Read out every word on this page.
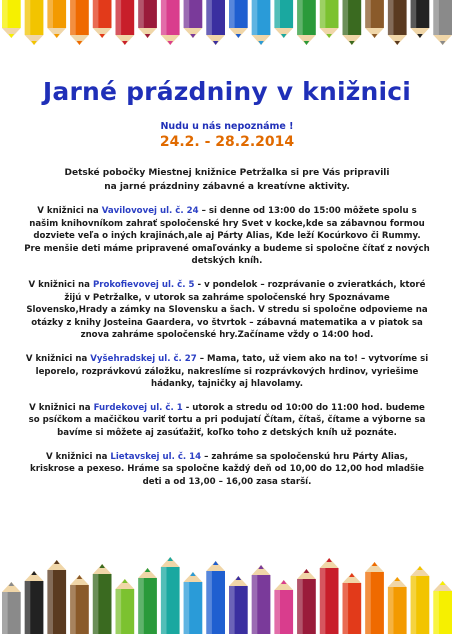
Jarné prázdniny v knižnici
Nudu u nás nepoznáme !
24.2. - 28.2.2014

Detské pobočky Miestnej knižnice Petržalka si pre Vás pripravili
na jarné prázdniny zábavné a kreatívne aktivity.

V knižnici na Vavilovovej ul. č. 24 – si denne od 13:00 do 15:00 môžete spolu s našim knihovníkom zahrať spoločenské hry Svet v kocke,kde sa zábavnou formou dozviete veľa o iných krajinách,ale aj Párty Alias, Kde leží Kocúrkovo či Rummy. Pre menšie deti máme pripravené omaľovánky a budeme si spoločne čítať z nových detských kníh.

V knižnici na Prokofievovej ul. č. 5 - v pondelok – rozprávanie o zvieratkách, ktoré žijú v Petržalke, v utorok sa zahráme spoločenské hry Spoznávame Slovensko,Hrady a zámky na Slovensku a šach. V stredu si spoločne odpovieme na otázky z knihy Josteina Gaardera, vo štvrtok – zábavná matematika a v piatok sa znova zahráme spoločenské hry.Začíname vždy o 14:00 hod.

V knižnici na Vyšehradskej ul. č. 27 – Mama, tato, už viem ako na to! – vytvoríme si leporelo, rozprávkovú záložku, nakreslíme si rozprávkových hrdinov, vyriešime hádanky, tajničky aj hlavolamy.

V knižnici na Furdekovej ul. č. 1 - utorok a stredu od 10:00 do 11:00 hod. budeme so psíčkom a mačičkou variť tortu a pri podujatí Čítam, čítaš, čítame a výborne sa bavíme si môžete aj zasúťažiť, koľko toho z detských kníh už poznáte.

V knižnici na Lietavskej ul. č. 14 – zahráme sa spoločenskú hru Párty Alias, kriskrose a pexeso. Hráme sa spoločne každý deň od 10,00 do 12,00 hod mladšie deti a od 13,00 – 16,00 zasa starší.
